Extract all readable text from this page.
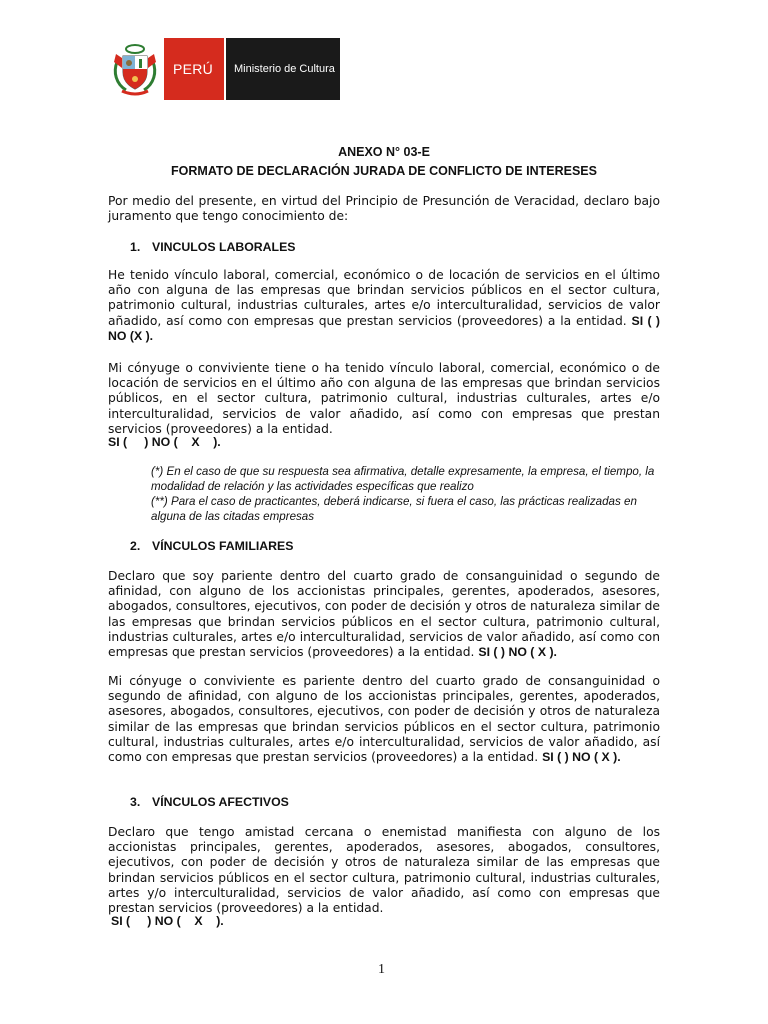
PERÚ	Ministerio de Cultura
ANEXO N° 03-E
FORMATO DE DECLARACIÓN JURADA DE CONFLICTO DE INTERESES

Por medio del presente, en virtud del Principio de Presunción de Veracidad, declaro bajo juramento que tengo conocimiento de:

1. VINCULOS LABORALES

He tenido vínculo laboral, comercial, económico o de locación de servicios en el último año con alguna de las empresas que brindan servicios públicos en el sector cultura, patrimonio cultural, industrias culturales, artes e/o interculturalidad, servicios de valor añadido, así como con empresas que prestan servicios (proveedores) a la entidad. SI ( ) NO (X ).

Mi cónyuge o conviviente tiene o ha tenido vínculo laboral, comercial, económico o de locación de servicios en el último año con alguna de las empresas que brindan servicios públicos, en el sector cultura, patrimonio cultural, industrias culturales, artes e/o interculturalidad, servicios de valor añadido, así como con empresas que prestan servicios (proveedores) a la entidad.

SI (     ) NO (    X    ).

(*) En el caso de que su respuesta sea afirmativa, detalle expresamente, la empresa, el tiempo, la modalidad de relación y las actividades específicas que realizo

(**) Para el caso de practicantes, deberá indicarse, si fuera el caso, las prácticas realizadas en alguna de las citadas empresas

2. VÍNCULOS FAMILIARES

Declaro que soy pariente dentro del cuarto grado de consanguinidad o segundo de afinidad, con alguno de los accionistas principales, gerentes, apoderados, asesores, abogados, consultores, ejecutivos, con poder de decisión y otros de naturaleza similar de las empresas que brindan servicios públicos en el sector cultura, patrimonio cultural, industrias culturales, artes e/o interculturalidad, servicios de valor añadido, así como con empresas que prestan servicios (proveedores) a la entidad. SI ( ) NO ( X ).

Mi cónyuge o conviviente es pariente dentro del cuarto grado de consanguinidad o segundo de afinidad, con alguno de los accionistas principales, gerentes, apoderados, asesores, abogados, consultores, ejecutivos, con poder de decisión y otros de naturaleza similar de las empresas que brindan servicios públicos en el sector cultura, patrimonio cultural, industrias culturales, artes e/o interculturalidad, servicios de valor añadido, así como con empresas que prestan servicios (proveedores) a la entidad. SI ( ) NO ( X ).

3. VÍNCULOS AFECTIVOS

Declaro que tengo amistad cercana o enemistad manifiesta con alguno de los accionistas principales, gerentes, apoderados, asesores, abogados, consultores, ejecutivos, con poder de decisión y otros de naturaleza similar de las empresas que brindan servicios públicos en el sector cultura, patrimonio cultural, industrias culturales, artes y/o interculturalidad, servicios de valor añadido, así como con empresas que prestan servicios (proveedores) a la entidad.

SI (     ) NO (    X    ).

1
